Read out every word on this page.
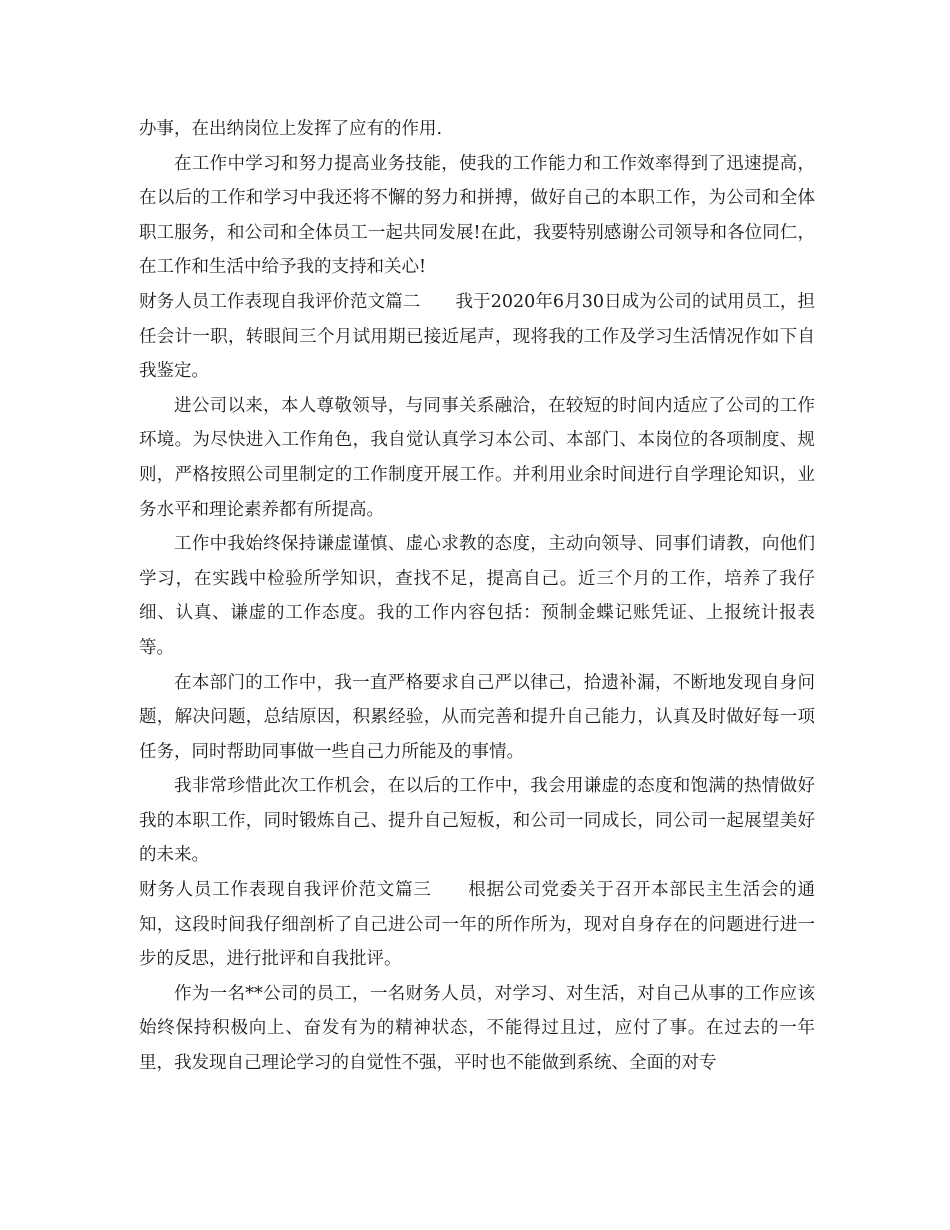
办事，在出纳岗位上发挥了应有的作用.

在工作中学习和努力提高业务技能，使我的工作能力和工作效率得到了迅速提高，在以后的工作和学习中我还将不懈的努力和拼搏，做好自己的本职工作，为公司和全体职工服务，和公司和全体员工一起共同发展!在此，我要特别感谢公司领导和各位同仁，在工作和生活中给予我的支持和关心!

财务人员工作表现自我评价范文篇二　　我于2020年6月30日成为公司的试用员工，担任会计一职，转眼间三个月试用期已接近尾声，现将我的工作及学习生活情况作如下自我鉴定。

进公司以来，本人尊敬领导，与同事关系融洽，在较短的时间内适应了公司的工作环境。为尽快进入工作角色，我自觉认真学习本公司、本部门、本岗位的各项制度、规则，严格按照公司里制定的工作制度开展工作。并利用业余时间进行自学理论知识，业务水平和理论素养都有所提高。

工作中我始终保持谦虚谨慎、虚心求教的态度，主动向领导、同事们请教，向他们学习，在实践中检验所学知识，查找不足，提高自己。近三个月的工作，培养了我仔细、认真、谦虚的工作态度。我的工作内容包括：预制金蝶记账凭证、上报统计报表等。

在本部门的工作中，我一直严格要求自己严以律己，拾遗补漏，不断地发现自身问题，解决问题，总结原因，积累经验，从而完善和提升自己能力，认真及时做好每一项任务，同时帮助同事做一些自己力所能及的事情。

我非常珍惜此次工作机会，在以后的工作中，我会用谦虚的态度和饱满的热情做好我的本职工作，同时锻炼自己、提升自己短板，和公司一同成长，同公司一起展望美好的未来。

财务人员工作表现自我评价范文篇三　　根据公司党委关于召开本部民主生活会的通知，这段时间我仔细剖析了自己进公司一年的所作所为，现对自身存在的问题进行进一步的反思，进行批评和自我批评。

作为一名**公司的员工，一名财务人员，对学习、对生活，对自己从事的工作应该始终保持积极向上、奋发有为的精神状态，不能得过且过，应付了事。在过去的一年里，我发现自己理论学习的自觉性不强，平时也不能做到系统、全面的对专
